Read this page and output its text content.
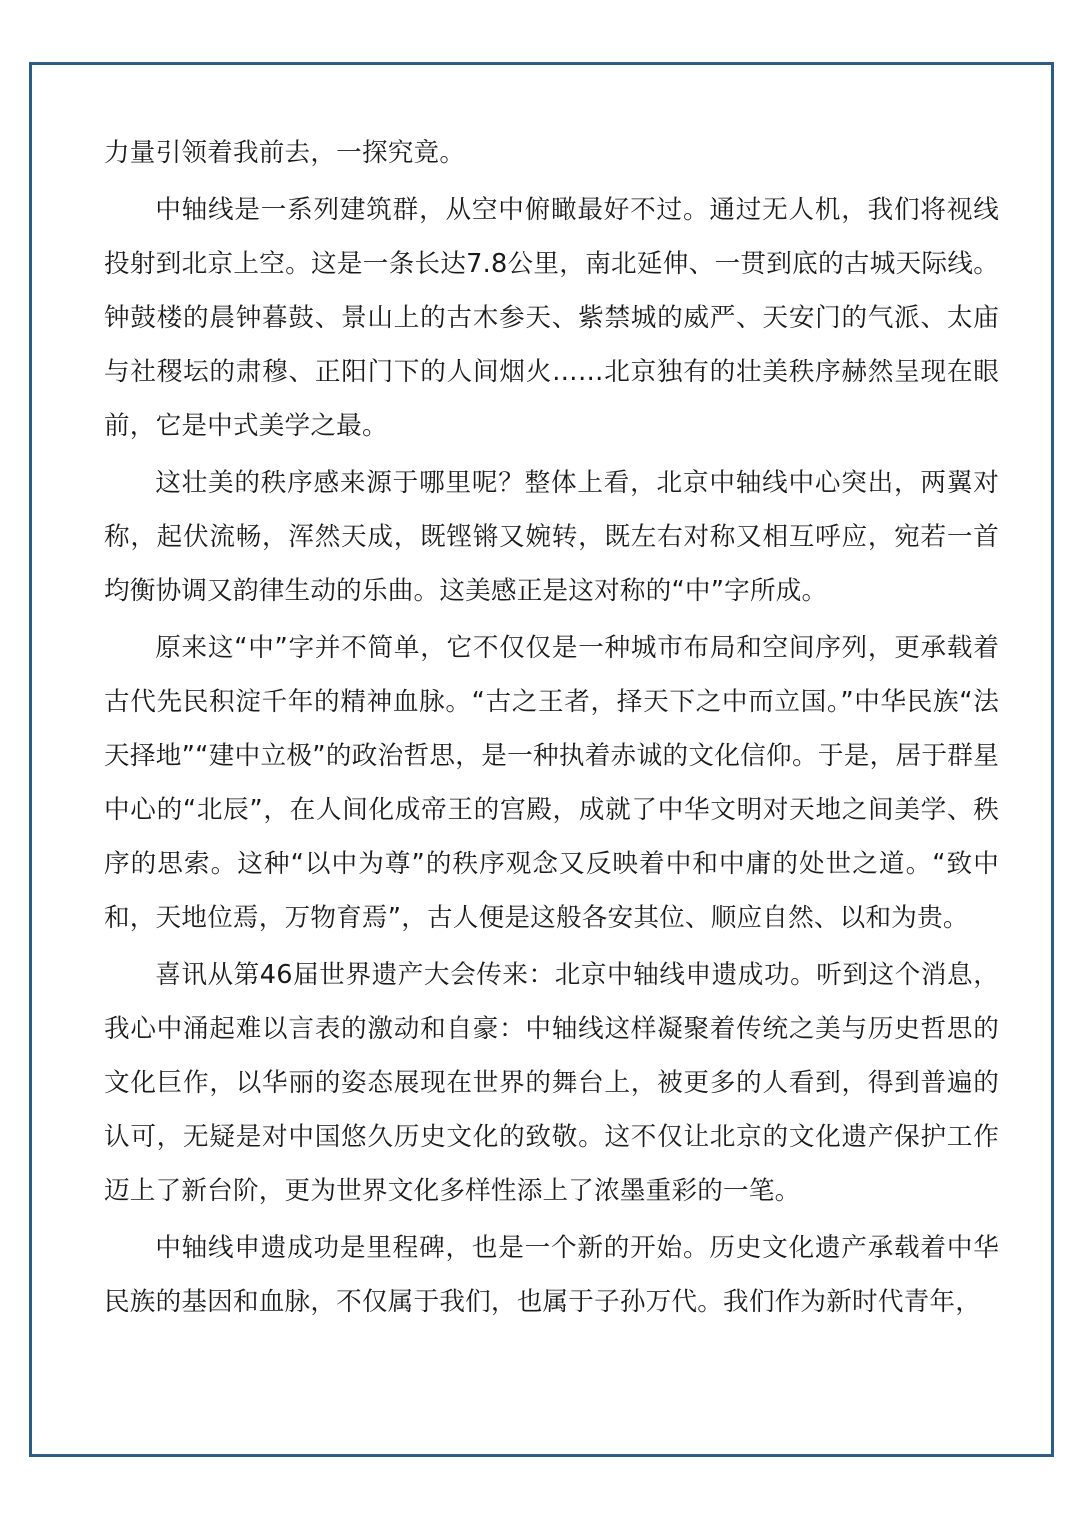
力量引领着我前去，一探究竟。

中轴线是一系列建筑群，从空中俯瞰最好不过。通过无人机，我们将视线投射到北京上空。这是一条长达7.8公里，南北延伸、一贯到底的古城天际线。钟鼓楼的晨钟暮鼓、景山上的古木参天、紫禁城的威严、天安门的气派、太庙与社稷坛的肃穆、正阳门下的人间烟火……北京独有的壮美秩序赫然呈现在眼前，它是中式美学之最。

这壮美的秩序感来源于哪里呢？整体上看，北京中轴线中心突出，两翼对称，起伏流畅，浑然天成，既铿锵又婉转，既左右对称又相互呼应，宛若一首均衡协调又韵律生动的乐曲。这美感正是这对称的“中”字所成。

原来这“中”字并不简单，它不仅仅是一种城市布局和空间序列，更承载着古代先民积淀千年的精神血脉。“古之王者，择天下之中而立国。”中华民族“法天择地”“建中立极”的政治哲思，是一种执着赤诚的文化信仰。于是，居于群星中心的“北辰”，在人间化成帝王的宫殿，成就了中华文明对天地之间美学、秩序的思索。这种“以中为尊”的秩序观念又反映着中和中庸的处世之道。“致中和，天地位焉，万物育焉”，古人便是这般各安其位、顺应自然、以和为贵。

喜讯从第46届世界遗产大会传来：北京中轴线申遗成功。听到这个消息，我心中涌起难以言表的激动和自豪：中轴线这样凝聚着传统之美与历史哲思的文化巨作，以华丽的姿态展现在世界的舞台上，被更多的人看到，得到普遍的认可，无疑是对中国悠久历史文化的致敬。这不仅让北京的文化遗产保护工作迈上了新台阶，更为世界文化多样性添上了浓墨重彩的一笔。

中轴线申遗成功是里程碑，也是一个新的开始。历史文化遗产承载着中华民族的基因和血脉，不仅属于我们，也属于子孙万代。我们作为新时代青年，
